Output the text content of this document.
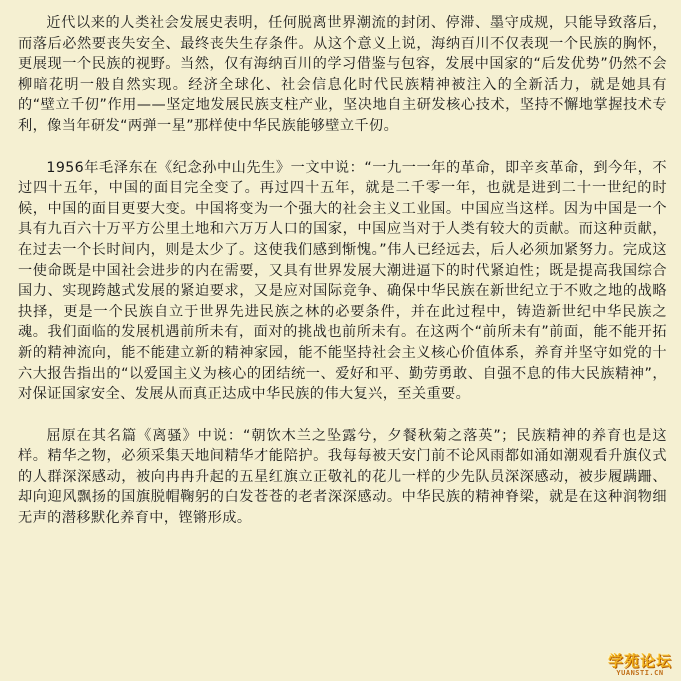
近代以来的人类社会发展史表明，任何脱离世界潮流的封闭、停滞、墨守成规，只能导致落后，而落后必然要丧失安全、最终丧失生存条件。从这个意义上说，海纳百川不仅表现一个民族的胸怀，更展现一个民族的视野。当然，仅有海纳百川的学习借鉴与包容，发展中国家的“后发优势”仍然不会柳暗花明一般自然实现。经济全球化、社会信息化时代民族精神被注入的全新活力，就是她具有的“壁立千仞”作用——坚定地发展民族支柱产业，坚决地自主研发核心技术，坚持不懈地掌握技术专利，像当年研发“两弹一星”那样使中华民族能够壁立千仞。

1956年毛泽东在《纪念孙中山先生》一文中说：“一九一一年的革命，即辛亥革命，到今年，不过四十五年，中国的面目完全变了。再过四十五年，就是二千零一年，也就是进到二十一世纪的时候，中国的面目更要大变。中国将变为一个强大的社会主义工业国。中国应当这样。因为中国是一个具有九百六十万平方公里土地和六万万人口的国家，中国应当对于人类有较大的贡献。而这种贡献，在过去一个长时间内，则是太少了。这使我们感到惭愧。”伟人已经远去，后人必须加紧努力。完成这一使命既是中国社会进步的内在需要，又具有世界发展大潮进逼下的时代紧迫性；既是提高我国综合国力、实现跨越式发展的紧迫要求，又是应对国际竞争、确保中华民族在新世纪立于不败之地的战略抉择，更是一个民族自立于世界先进民族之林的必要条件，并在此过程中，铸造新世纪中华民族之魂。我们面临的发展机遇前所未有，面对的挑战也前所未有。在这两个“前所未有”前面，能不能开拓新的精神流向，能不能建立新的精神家园，能不能坚持社会主义核心价值体系，养育并坚守如党的十六大报告指出的“以爱国主义为核心的团结统一、爱好和平、勤劳勇敢、自强不息的伟大民族精神”，对保证国家安全、发展从而真正达成中华民族的伟大复兴，至关重要。

屈原在其名篇《离骚》中说：“朝饮木兰之坠露兮，夕餐秋菊之落英”；民族精神的养育也是这样。精华之物，必须采集天地间精华才能陪护。我每每被天安门前不论风雨都如涌如潮观看升旗仪式的人群深深感动，被向冉冉升起的五星红旗立正敬礼的花儿一样的少先队员深深感动，被步履蹒跚、却向迎风飘扬的国旗脱帽鞠躬的白发苍苍的老者深深感动。中华民族的精神脊梁，就是在这种润物细无声的潜移默化养育中，铿锵形成。

学苑论坛
YUANSTI.CN
